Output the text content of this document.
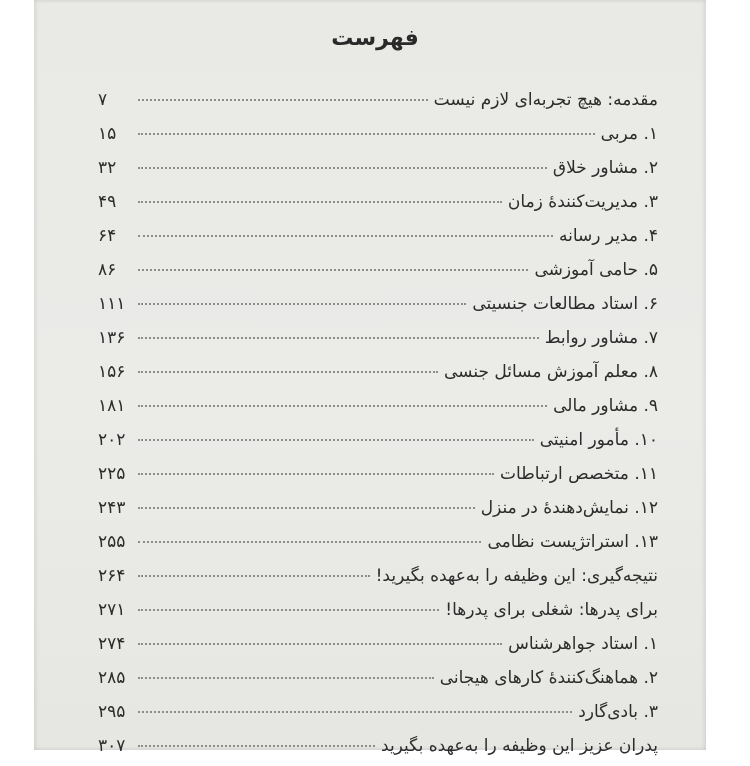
فهرست
مقدمه: هیچ تجربه‌ای لازم نیست
۷
۱. مربی
۱۵
۲. مشاور خلاق
۳۲
۳. مدیریت‌کنندهٔ زمان
۴۹
۴. مدیر رسانه
۶۴
۵. حامی آموزشی
۸۶
۶. استاد مطالعات جنسیتی
۱۱۱
۷. مشاور روابط
۱۳۶
۸. معلم آموزش مسائل جنسی
۱۵۶
۹. مشاور مالی
۱۸۱
۱۰. مأمور امنیتی
۲۰۲
۱۱. متخصص ارتباطات
۲۲۵
۱۲. نمایش‌دهندهٔ در منزل
۲۴۳
۱۳. استراتژیست نظامی
۲۵۵
نتیجه‌گیری: این وظیفه را به‌عهده بگیرید!
۲۶۴
برای پدرها: شغلی برای پدرها!
۲۷۱
۱. استاد جواهرشناس
۲۷۴
۲. هماهنگ‌کنندهٔ کارهای هیجانی
۲۸۵
۳. بادی‌گارد
۲۹۵
پدران عزیز این وظیفه را به‌عهده بگیرید
۳۰۷
